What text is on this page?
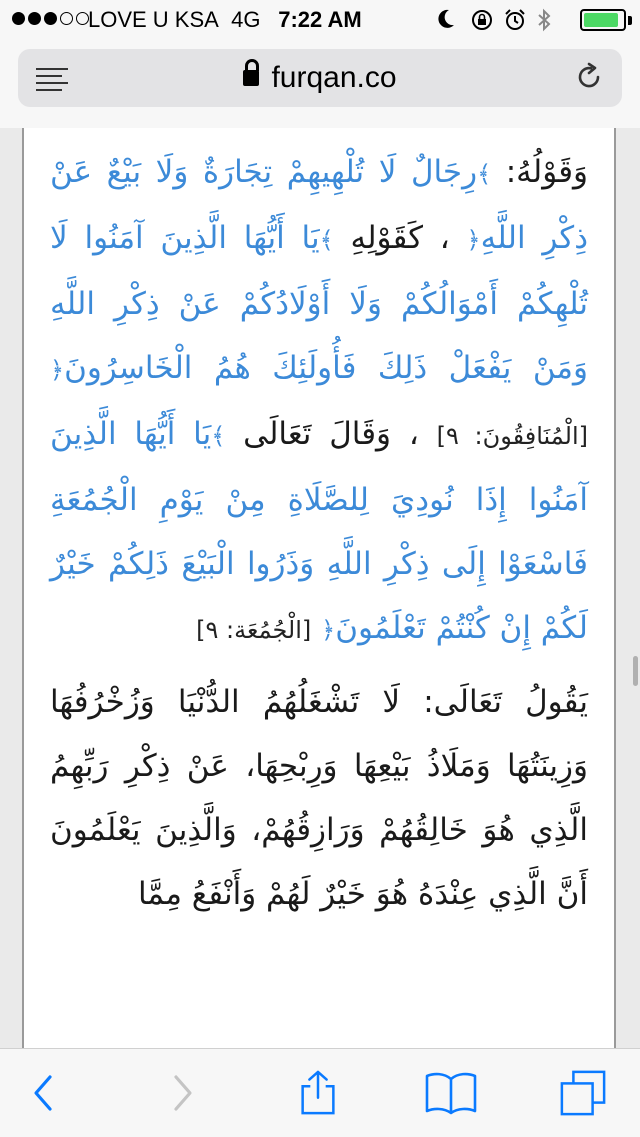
LOVE U KSA 4G 7:22 AM
furqan.co

وَقَوْلُهُ: ﴾رِجَالٌ لَا تُلْهِيهِمْ تِجَارَةٌ وَلَا بَيْعٌ عَنْ ذِكْرِ اللَّهِ﴿ ، كَقَوْلِهِ ﴾يَا أَيُّهَا الَّذِينَ آمَنُوا لَا تُلْهِكُمْ أَمْوَالُكُمْ وَلَا أَوْلَادُكُمْ عَنْ ذِكْرِ اللَّهِ وَمَنْ يَفْعَلْ ذَلِكَ فَأُولَئِكَ هُمُ الْخَاسِرُونَ﴿ [الْمُنَافِقُونَ: ٩] ، وَقَالَ تَعَالَى ﴾يَا أَيُّهَا الَّذِينَ آمَنُوا إِذَا نُودِيَ لِلصَّلَاةِ مِنْ يَوْمِ الْجُمُعَةِ فَاسْعَوْا إِلَى ذِكْرِ اللَّهِ وَذَرُوا الْبَيْعَ ذَلِكُمْ خَيْرٌ لَكُمْ إِنْ كُنْتُمْ تَعْلَمُونَ﴿ [الْجُمُعَة: ٩]

يَقُولُ تَعَالَى: لَا تَشْغَلُهُمُ الدُّنْيَا وَزُخْرُفُهَا وَزِينَتُهَا وَمَلَاذُ بَيْعِهَا وَرِبْحِهَا، عَنْ ذِكْرِ رَبِّهِمُ الَّذِي هُوَ خَالِقُهُمْ وَرَازِقُهُمْ، وَالَّذِينَ يَعْلَمُونَ أَنَّ الَّذِي عِنْدَهُ هُوَ خَيْرٌ لَهُمْ وَأَنْفَعُ مِمَّا
